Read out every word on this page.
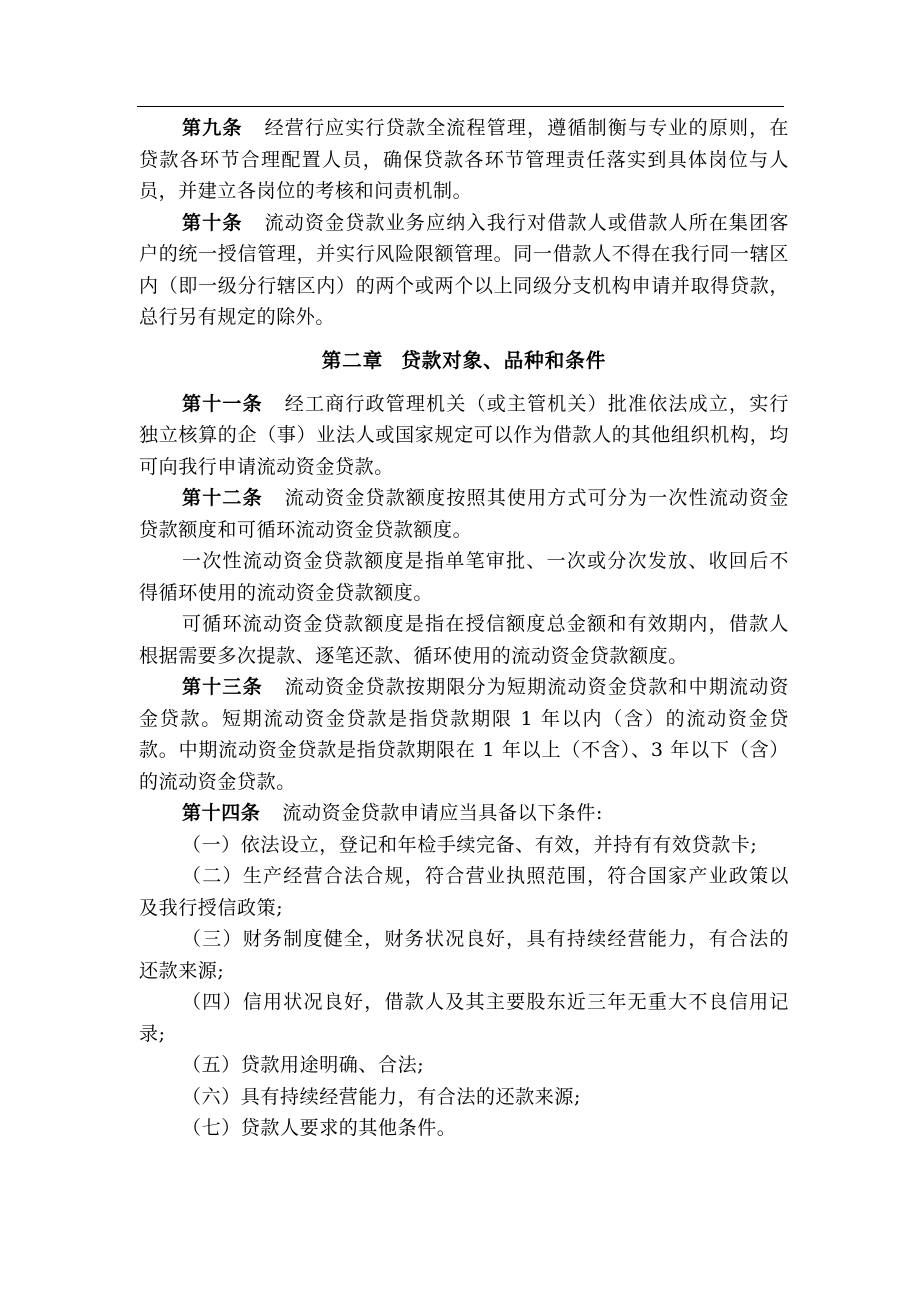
第九条 经营行应实行贷款全流程管理，遵循制衡与专业的原则，在贷款各环节合理配置人员，确保贷款各环节管理责任落实到具体岗位与人员，并建立各岗位的考核和问责机制。

第十条 流动资金贷款业务应纳入我行对借款人或借款人所在集团客户的统一授信管理，并实行风险限额管理。同一借款人不得在我行同一辖区内（即一级分行辖区内）的两个或两个以上同级分支机构申请并取得贷款，总行另有规定的除外。

第二章 贷款对象、品种和条件

第十一条 经工商行政管理机关（或主管机关）批准依法成立，实行独立核算的企（事）业法人或国家规定可以作为借款人的其他组织机构，均可向我行申请流动资金贷款。

第十二条 流动资金贷款额度按照其使用方式可分为一次性流动资金贷款额度和可循环流动资金贷款额度。

一次性流动资金贷款额度是指单笔审批、一次或分次发放、收回后不得循环使用的流动资金贷款额度。

可循环流动资金贷款额度是指在授信额度总金额和有效期内，借款人根据需要多次提款、逐笔还款、循环使用的流动资金贷款额度。

第十三条 流动资金贷款按期限分为短期流动资金贷款和中期流动资金贷款。短期流动资金贷款是指贷款期限 1 年以内（含）的流动资金贷款。中期流动资金贷款是指贷款期限在 1 年以上（不含）、3 年以下（含）的流动资金贷款。

第十四条 流动资金贷款申请应当具备以下条件:

（一）依法设立，登记和年检手续完备、有效，并持有有效贷款卡;

（二）生产经营合法合规，符合营业执照范围，符合国家产业政策以及我行授信政策;

（三）财务制度健全，财务状况良好，具有持续经营能力，有合法的还款来源;

（四）信用状况良好，借款人及其主要股东近三年无重大不良信用记录;

（五）贷款用途明确、合法;

（六）具有持续经营能力，有合法的还款来源;

（七）贷款人要求的其他条件。
